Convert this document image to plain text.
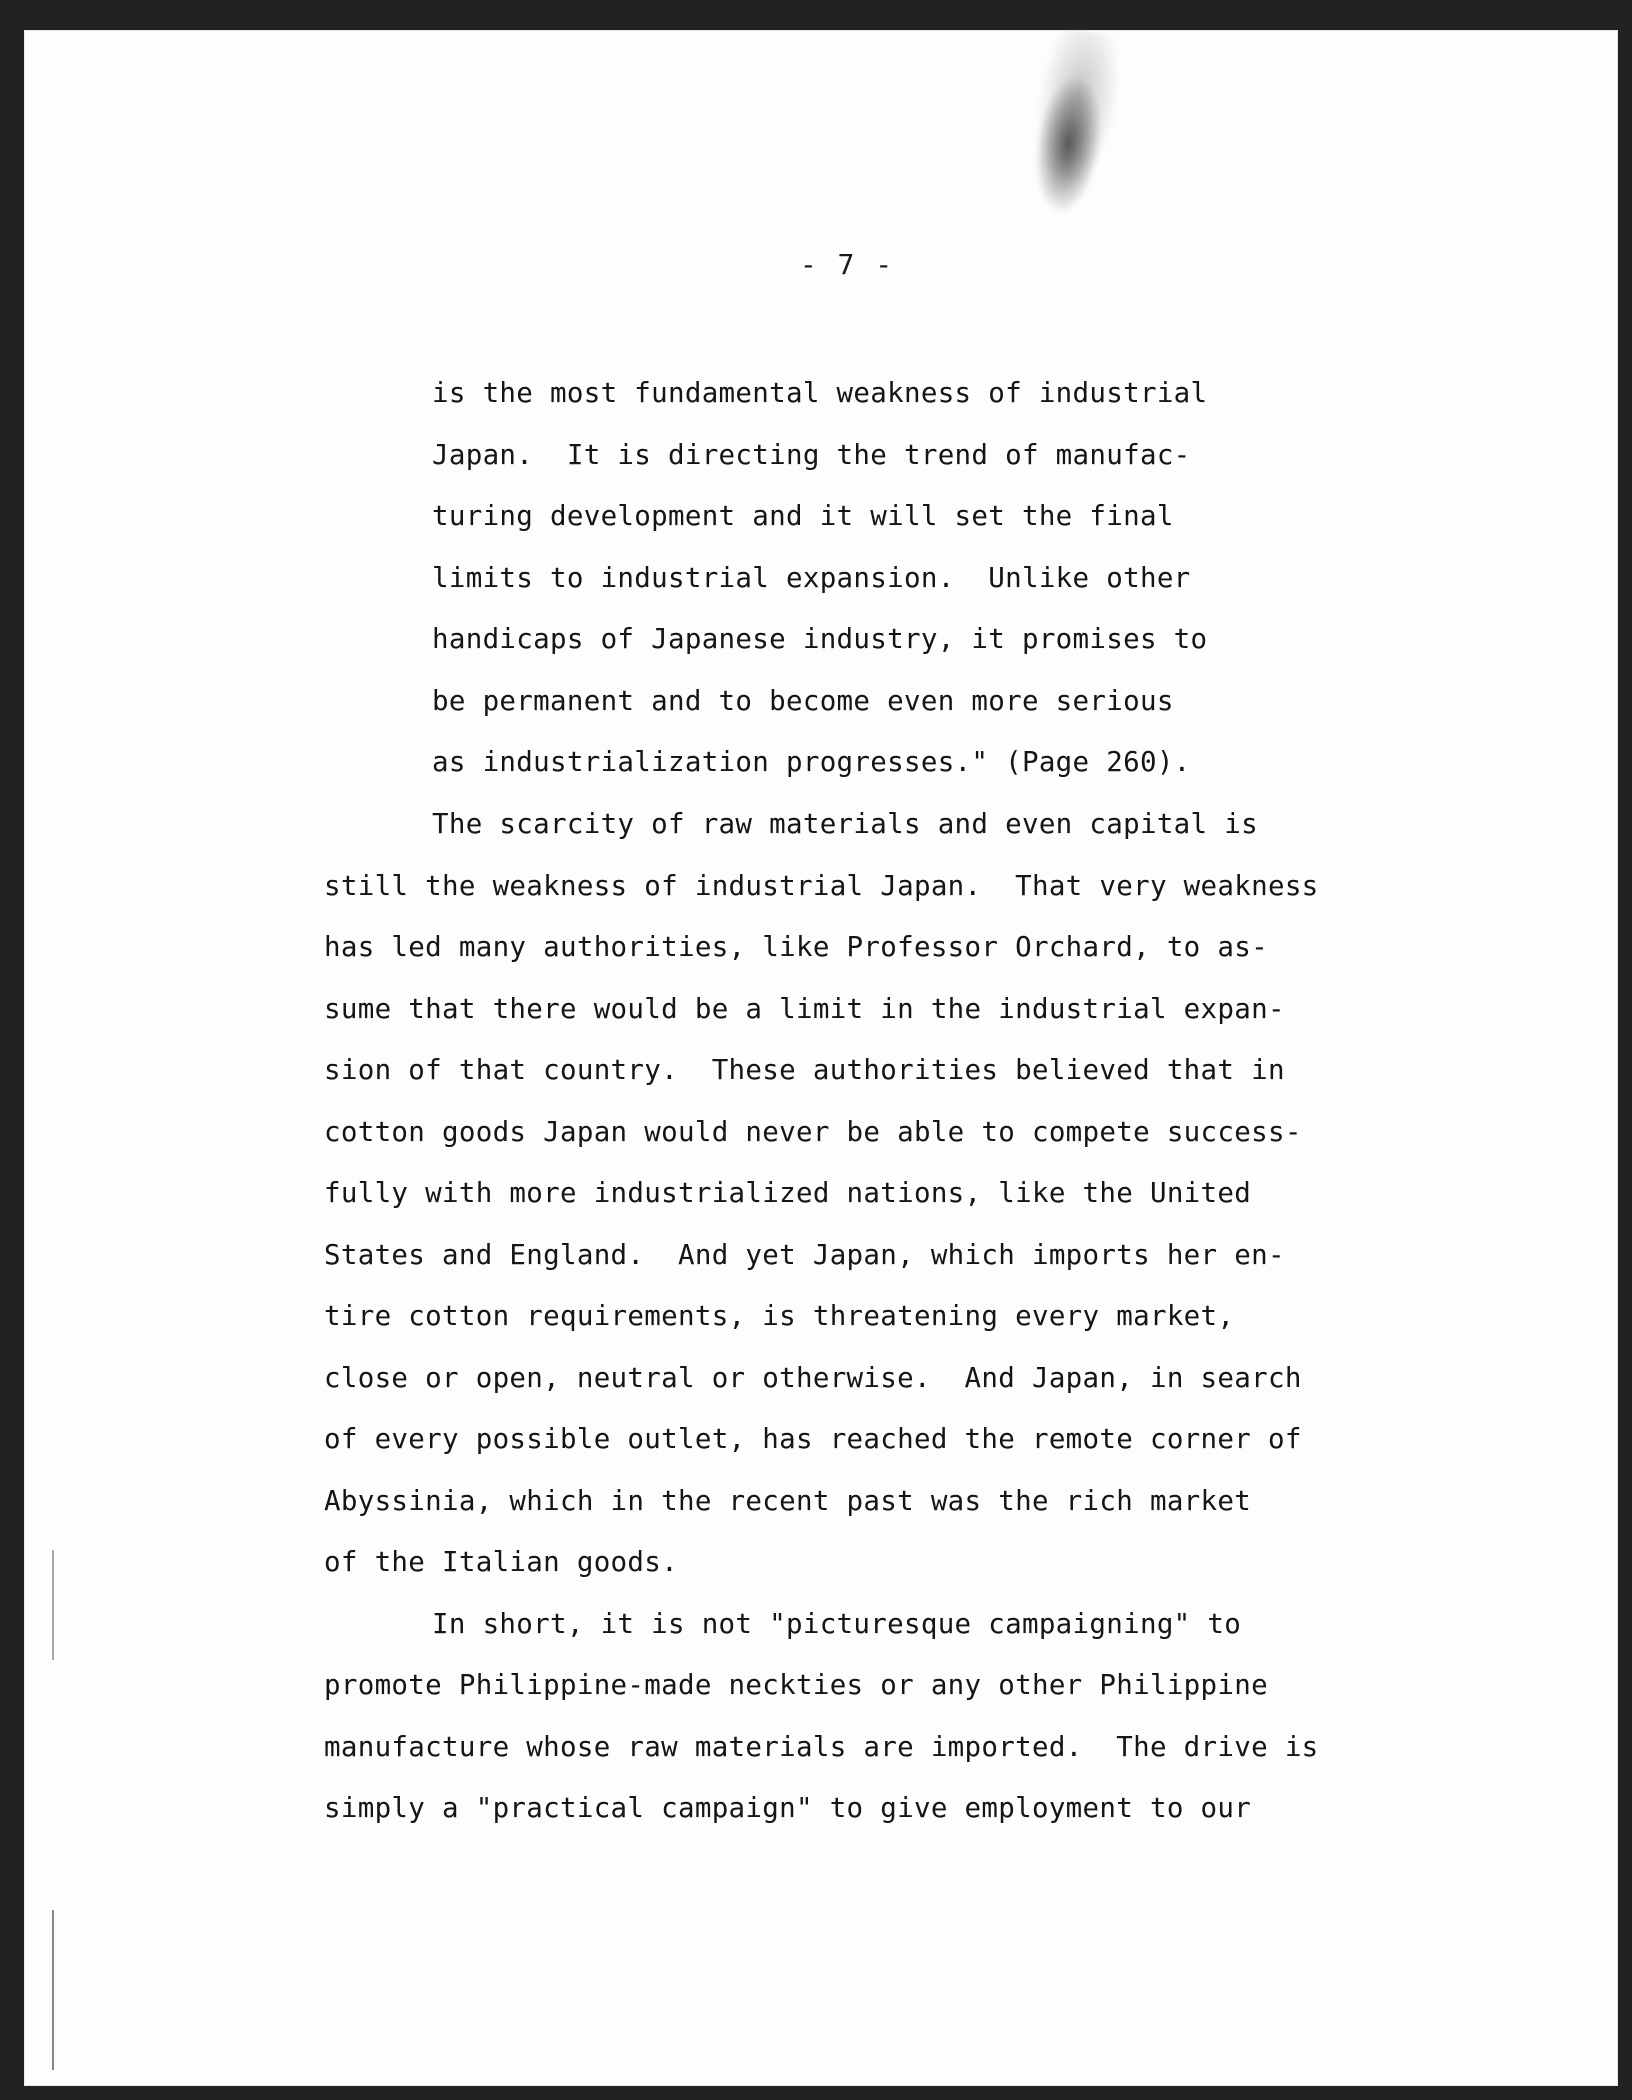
- 7 -
is the most fundamental weakness of industrial
Japan.  It is directing the trend of manufac-
turing development and it will set the final
limits to industrial expansion.  Unlike other
handicaps of Japanese industry, it promises to
be permanent and to become even more serious
as industrialization progresses." (Page 260).
The scarcity of raw materials and even capital is
still the weakness of industrial Japan.  That very weakness
has led many authorities, like Professor Orchard, to as-
sume that there would be a limit in the industrial expan-
sion of that country.  These authorities believed that in
cotton goods Japan would never be able to compete success-
fully with more industrialized nations, like the United
States and England.  And yet Japan, which imports her en-
tire cotton requirements, is threatening every market,
close or open, neutral or otherwise.  And Japan, in search
of every possible outlet, has reached the remote corner of
Abyssinia, which in the recent past was the rich market
of the Italian goods.
In short, it is not "picturesque campaigning" to
promote Philippine-made neckties or any other Philippine
manufacture whose raw materials are imported.  The drive is
simply a "practical campaign" to give employment to our
